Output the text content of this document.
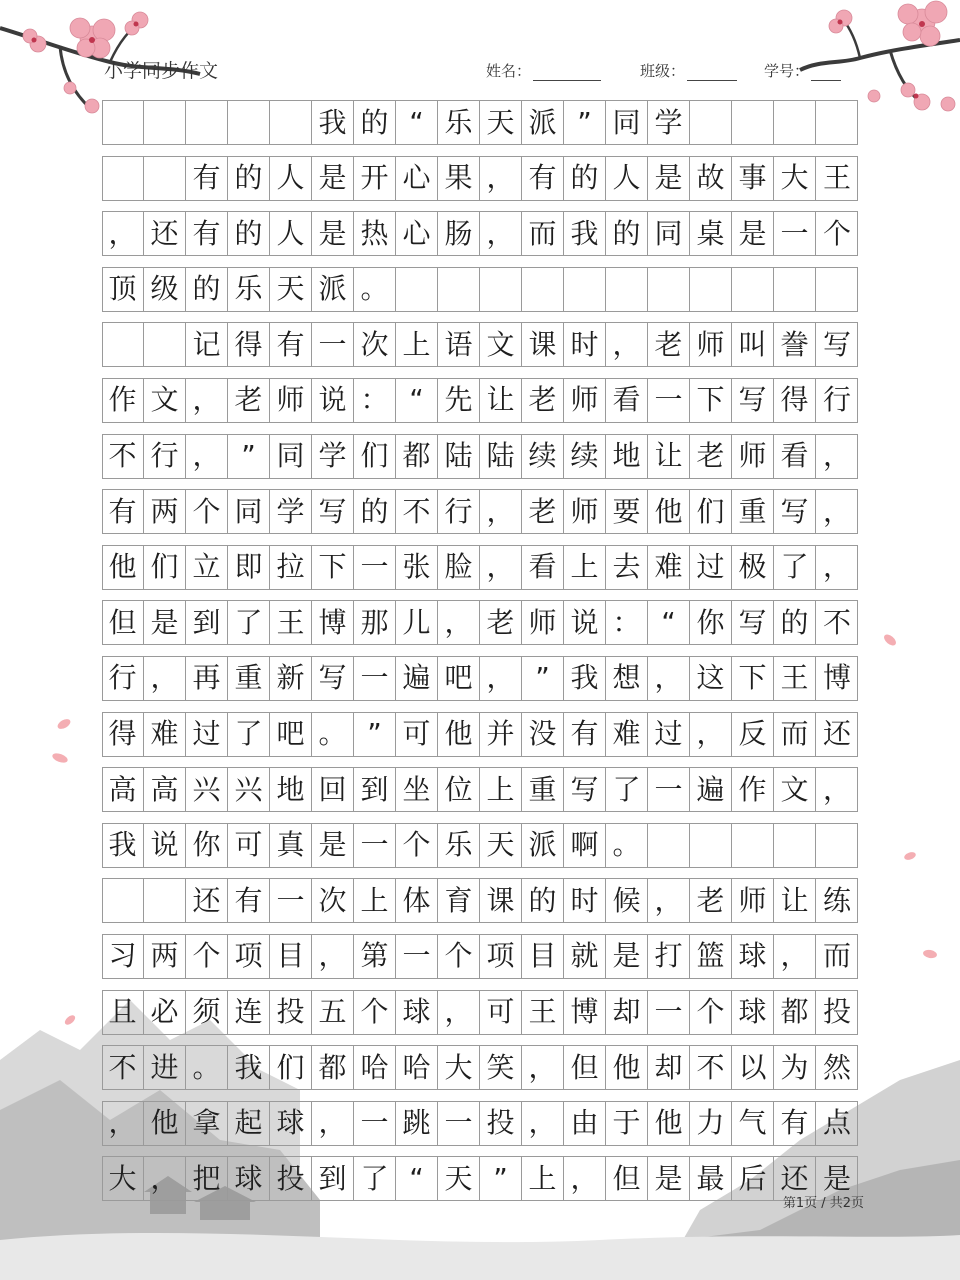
小学同步作文	姓名：	班级：	学号：
我 的 “ 乐 天 派 ” 同 学
有 的 人 是 开 心 果 ， 有 的 人 是 故 事 大 王
， 还 有 的 人 是 热 心 肠 ， 而 我 的 同 桌 是 一 个
顶 级 的 乐 天 派 。
记 得 有 一 次 上 语 文 课 时 ， 老 师 叫 誊 写
作 文 ， 老 师 说 ： “ 先 让 老 师 看 一 下 写 得 行
不 行 ， ” 同 学 们 都 陆 陆 续 续 地 让 老 师 看 ，
有 两 个 同 学 写 的 不 行 ， 老 师 要 他 们 重 写 ，
他 们 立 即 拉 下 一 张 脸 ， 看 上 去 难 过 极 了 ，
但 是 到 了 王 博 那 儿 ， 老 师 说 ： “ 你 写 的 不
行 ， 再 重 新 写 一 遍 吧 ， ” 我 想 ， 这 下 王 博
得 难 过 了 吧 。 ” 可 他 并 没 有 难 过 ， 反 而 还
高 高 兴 兴 地 回 到 坐 位 上 重 写 了 一 遍 作 文 ，
我 说 你 可 真 是 一 个 乐 天 派 啊 。
还 有 一 次 上 体 育 课 的 时 候 ， 老 师 让 练
习 两 个 项 目 ， 第 一 个 项 目 就 是 打 篮 球 ， 而
且 必 须 连 投 五 个 球 ， 可 王 博 却 一 个 球 都 投
不 进 。 我 们 都 哈 哈 大 笑 ， 但 他 却 不 以 为 然
， 他 拿 起 球 ， 一 跳 一 投 ， 由 于 他 力 气 有 点
大 ， 把 球 投 到 了 “ 天 ” 上 ， 但 是 最 后 还 是
第1页 / 共2页
